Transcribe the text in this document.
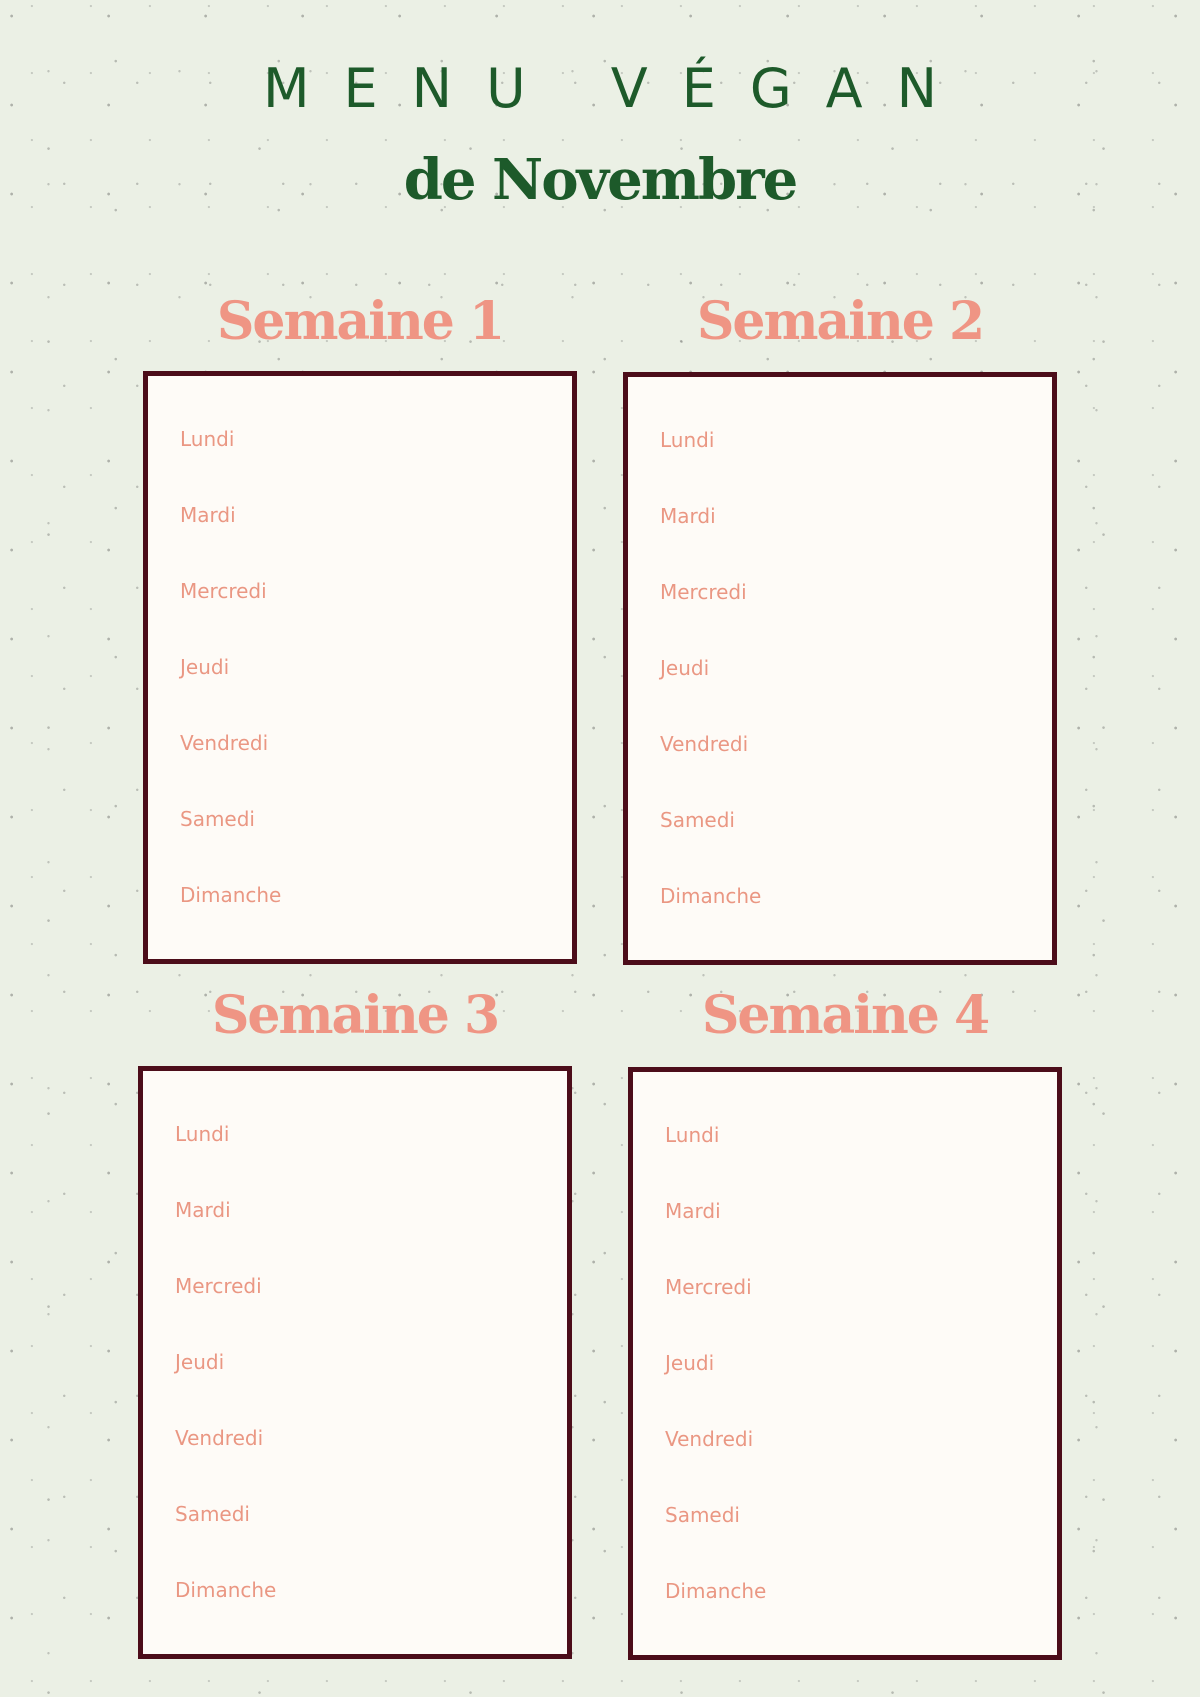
MENU VÉGAN
de Novembre
Semaine 1
Lundi
Mardi
Mercredi
Jeudi
Vendredi
Samedi
Dimanche
Semaine 2
Lundi
Mardi
Mercredi
Jeudi
Vendredi
Samedi
Dimanche
Semaine 3
Lundi
Mardi
Mercredi
Jeudi
Vendredi
Samedi
Dimanche
Semaine 4
Lundi
Mardi
Mercredi
Jeudi
Vendredi
Samedi
Dimanche
